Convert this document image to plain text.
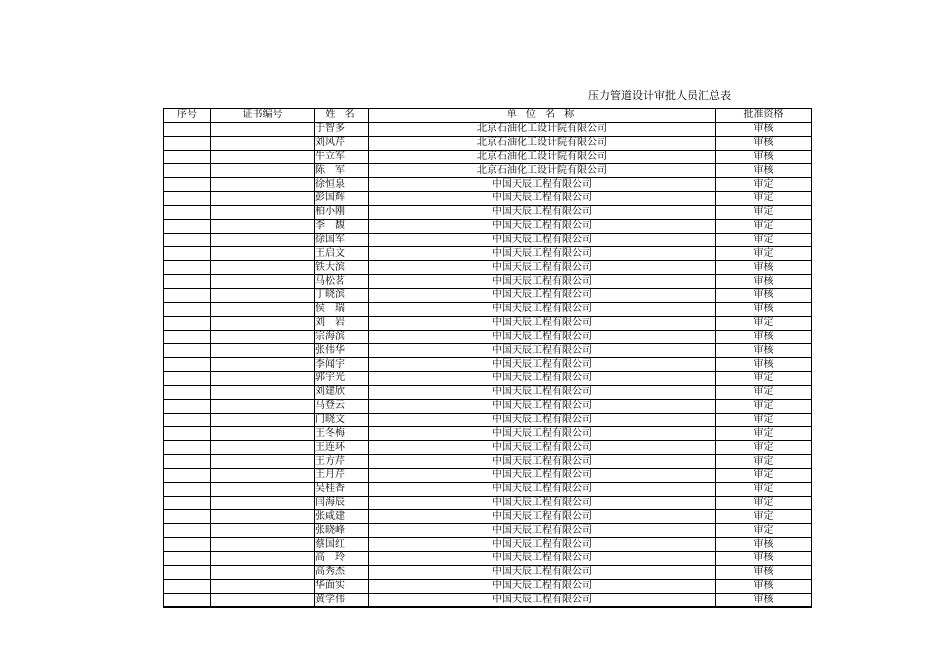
压力管道设计审批人员汇总表
序号	证书编号	姓 名	单 位 名 称	批准资格
		于智多	北京石油化工设计院有限公司	审核
		刘风芹	北京石油化工设计院有限公司	审核
		牛立军	北京石油化工设计院有限公司	审核
		陈　军	北京石油化工设计院有限公司	审核
		徐恒泉	中国天辰工程有限公司	审定
		彭国辉	中国天辰工程有限公司	审定
		柏小刚	中国天辰工程有限公司	审定
		李　馥	中国天辰工程有限公司	审定
		徐国军	中国天辰工程有限公司	审定
		王启文	中国天辰工程有限公司	审定
		铁大滨	中国天辰工程有限公司	审核
		马松茗	中国天辰工程有限公司	审核
		丁晓滨	中国天辰工程有限公司	审核
		侯　瑞	中国天辰工程有限公司	审核
		刘　岩	中国天辰工程有限公司	审定
		宗海滨	中国天辰工程有限公司	审核
		张伟华	中国天辰工程有限公司	审核
		李闻宇	中国天辰工程有限公司	审核
		郭宇光	中国天辰工程有限公司	审定
		刘建欣	中国天辰工程有限公司	审定
		马登云	中国天辰工程有限公司	审定
		门晓文	中国天辰工程有限公司	审定
		王冬梅	中国天辰工程有限公司	审定
		王连环	中国天辰工程有限公司	审定
		王方芹	中国天辰工程有限公司	审定
		王月芹	中国天辰工程有限公司	审定
		吴桂香	中国天辰工程有限公司	审定
		闫海辰	中国天辰工程有限公司	审定
		张咸建	中国天辰工程有限公司	审定
		张晓峰	中国天辰工程有限公司	审定
		蔡国红	中国天辰工程有限公司	审核
		高　玲	中国天辰工程有限公司	审核
		高秀杰	中国天辰工程有限公司	审核
		华面实	中国天辰工程有限公司	审核
		黄学伟	中国天辰工程有限公司	审核
